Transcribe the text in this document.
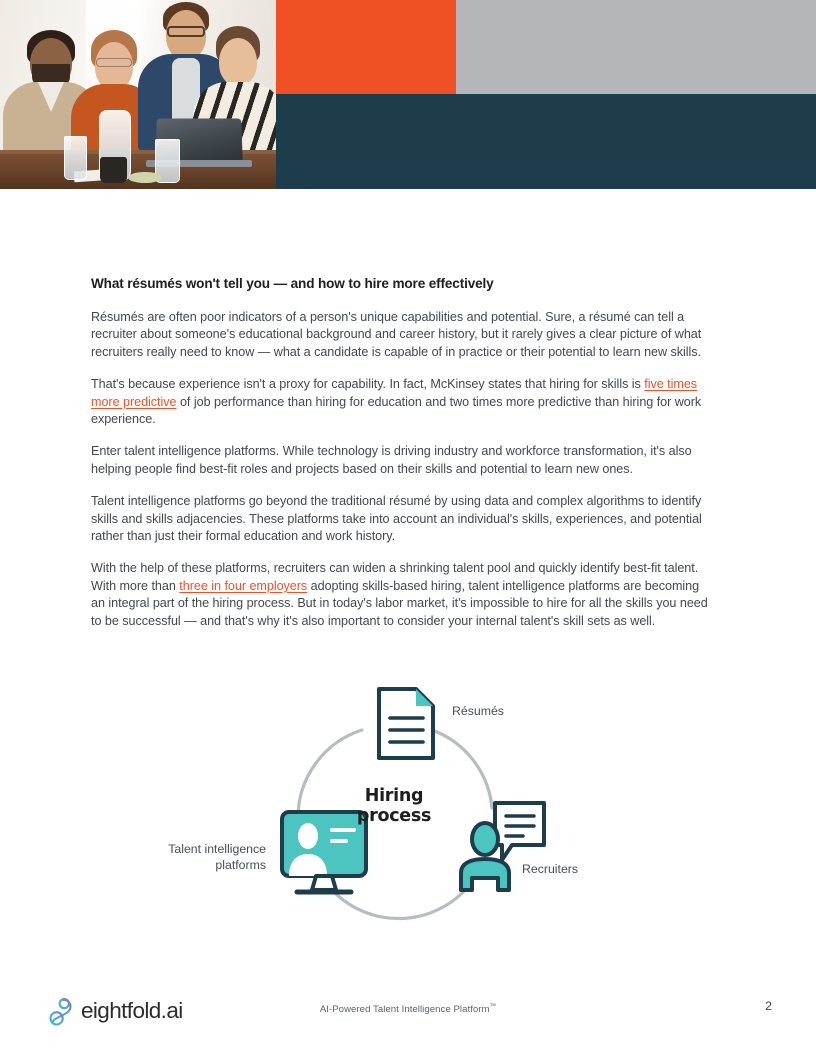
What résumés won't tell you — and how to hire more effectively
Résumés are often poor indicators of a person's unique capabilities and potential. Sure, a résumé can tell a recruiter about someone's educational background and career history, but it rarely gives a clear picture of what recruiters really need to know — what a candidate is capable of in practice or their potential to learn new skills.
That's because experience isn't a proxy for capability. In fact, McKinsey states that hiring for skills is five times more predictive of job performance than hiring for education and two times more predictive than hiring for work experience.
Enter talent intelligence platforms. While technology is driving industry and workforce transformation, it's also helping people find best-fit roles and projects based on their skills and potential to learn new ones.
Talent intelligence platforms go beyond the traditional résumé by using data and complex algorithms to identify skills and skills adjacencies. These platforms take into account an individual's skills, experiences, and potential rather than just their formal education and work history.
With the help of these platforms, recruiters can widen a shrinking talent pool and quickly identify best-fit talent. With more than three in four employers adopting skills-based hiring, talent intelligence platforms are becoming an integral part of the hiring process. But in today's labor market, it's impossible to hire for all the skills you need to be successful — and that's why it's also important to consider your internal talent's skill sets as well.
Hiring
process
Résumés
Recruiters
Talent intelligence platforms
eightfold.ai	AI-Powered Talent Intelligence Platform™	2
